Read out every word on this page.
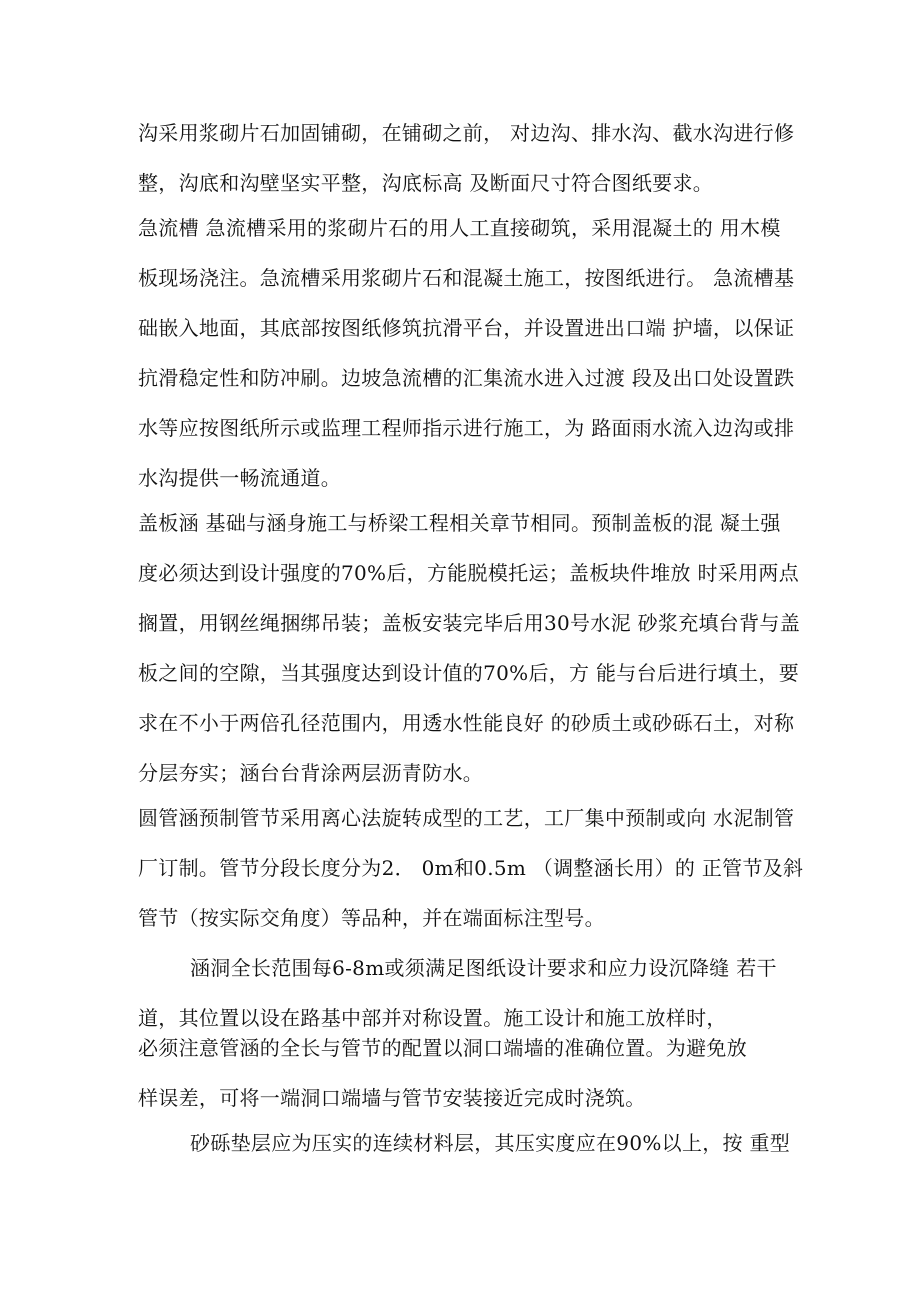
沟采用浆砌片石加固铺砌，在铺砌之前， 对边沟、排水沟、截水沟进行修
整，沟底和沟壁坚实平整，沟底标高 及断面尺寸符合图纸要求。
急流槽 急流槽采用的浆砌片石的用人工直接砌筑，采用混凝土的 用木模
板现场浇注。急流槽采用浆砌片石和混凝土施工，按图纸进行。 急流槽基
础嵌入地面，其底部按图纸修筑抗滑平台，并设置进出口端 护墙，以保证
抗滑稳定性和防冲刷。边坡急流槽的汇集流水进入过渡 段及出口处设置跌
水等应按图纸所示或监理工程师指示进行施工，为 路面雨水流入边沟或排
水沟提供一畅流通道。
盖板涵 基础与涵身施工与桥梁工程相关章节相同。预制盖板的混 凝土强
度必须达到设计强度的70%后，方能脱模托运；盖板块件堆放 时采用两点
搁置，用钢丝绳捆绑吊装；盖板安装完毕后用30号水泥 砂浆充填台背与盖
板之间的空隙，当其强度达到设计值的70%后，方 能与台后进行填土，要
求在不小于两倍孔径范围内，用透水性能良好 的砂质土或砂砾石土，对称
分层夯实；涵台台背涂两层沥青防水。
圆管涵预制管节采用离心法旋转成型的工艺，工厂集中预制或向 水泥制管
厂订制。管节分段长度分为2． 0m和0.5m （调整涵长用）的 正管节及斜
管节（按实际交角度）等品种，并在端面标注型号。
涵洞全长范围每6-8m或须满足图纸设计要求和应力设沉降缝 若干
道，其位置以设在路基中部并对称设置。施工设计和施工放样时，
必须注意管涵的全长与管节的配置以洞口端墙的准确位置。为避免放
样误差，可将一端洞口端墙与管节安装接近完成时浇筑。
砂砾垫层应为压实的连续材料层，其压实度应在90%以上，按 重型
